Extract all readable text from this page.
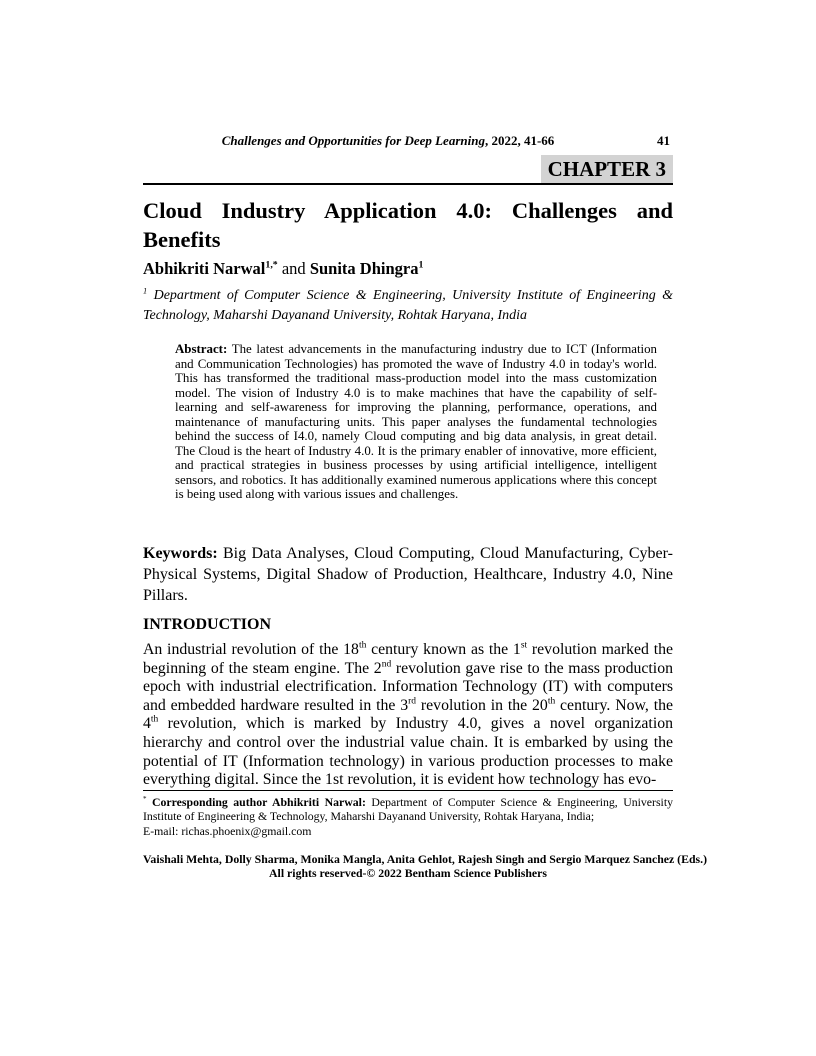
Challenges and Opportunities for Deep Learning, 2022, 41-66	41
CHAPTER 3
Cloud Industry Application 4.0: Challenges and Benefits
Abhikriti Narwal$^{1,*}$ and Sunita Dhingra$^1$
$^1$ Department of Computer Science & Engineering, University Institute of Engineering & Technology, Maharshi Dayanand University, Rohtak Haryana, India
Abstract: The latest advancements in the manufacturing industry due to ICT (Information and Communication Technologies) has promoted the wave of Industry 4.0 in today's world. This has transformed the traditional mass-production model into the mass customization model. The vision of Industry 4.0 is to make machines that have the capability of self-learning and self-awareness for improving the planning, performance, operations, and maintenance of manufacturing units. This paper analyses the fundamental technologies behind the success of I4.0, namely Cloud computing and big data analysis, in great detail. The Cloud is the heart of Industry 4.0. It is the primary enabler of innovative, more efficient, and practical strategies in business processes by using artificial intelligence, intelligent sensors, and robotics. It has additionally examined numerous applications where this concept is being used along with various issues and challenges.
Keywords: Big Data Analyses, Cloud Computing, Cloud Manufacturing, Cyber-Physical Systems, Digital Shadow of Production, Healthcare, Industry 4.0, Nine Pillars.
INTRODUCTION
An industrial revolution of the 18th century known as the 1st revolution marked the beginning of the steam engine. The 2nd revolution gave rise to the mass production epoch with industrial electrification. Information Technology (IT) with computers and embedded hardware resulted in the 3rd revolution in the 20th century. Now, the 4th revolution, which is marked by Industry 4.0, gives a novel organization hierarchy and control over the industrial value chain. It is embarked by using the potential of IT (Information technology) in various production processes to make everything digital. Since the 1st revolution, it is evident how technology has evo-
* Corresponding author Abhikriti Narwal: Department of Computer Science & Engineering, University Institute of Engineering & Technology, Maharshi Dayanand University, Rohtak Haryana, India;
E-mail: richas.phoenix@gmail.com
Vaishali Mehta, Dolly Sharma, Monika Mangla, Anita Gehlot, Rajesh Singh and Sergio Marquez Sanchez (Eds.)
All rights reserved-© 2022 Bentham Science Publishers
